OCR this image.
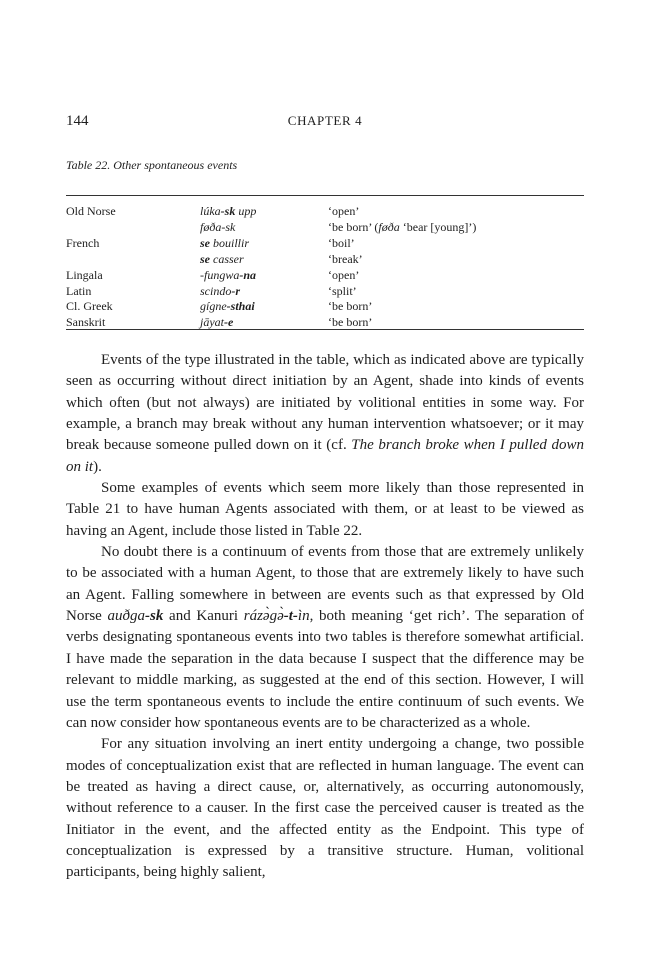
144	CHAPTER 4
Table 22. Other spontaneous events
Old Norse	lúka-sk upp	‘open’
	føða-sk	‘be born’ (føða ‘bear [young]’)
French	se bouillir	‘boil’
	se casser	‘break’
Lingala	-fungwa-na	‘open’
Latin	scindo-r	‘split’
Cl. Greek	gígne-sthai	‘be born’
Sanskrit	jāyat-e	‘be born’

Events of the type illustrated in the table, which as indicated above are typically seen as occurring without direct initiation by an Agent, shade into kinds of events which often (but not always) are initiated by volitional entities in some way. For example, a branch may break without any human intervention whatsoever; or it may break because someone pulled down on it (cf. The branch broke when I pulled down on it).

Some examples of events which seem more likely than those represented in Table 21 to have human Agents associated with them, or at least to be viewed as having an Agent, include those listed in Table 22.

No doubt there is a continuum of events from those that are extremely unlikely to be associated with a human Agent, to those that are extremely likely to have such an Agent. Falling somewhere in between are events such as that expressed by Old Norse auðga-sk and Kanuri rázə̀gə̀-t-ìn, both meaning ‘get rich’. The separation of verbs designating spontaneous events into two tables is therefore somewhat artificial. I have made the separation in the data because I suspect that the difference may be relevant to middle marking, as suggested at the end of this section. However, I will use the term spontaneous events to include the entire continuum of such events. We can now consider how spontaneous events are to be characterized as a whole.

For any situation involving an inert entity undergoing a change, two possible modes of conceptualization exist that are reflected in human language. The event can be treated as having a direct cause, or, alternatively, as occurring autonomously, without reference to a causer. In the first case the perceived causer is treated as the Initiator in the event, and the affected entity as the Endpoint. This type of conceptualization is expressed by a transitive structure. Human, volitional participants, being highly salient,
